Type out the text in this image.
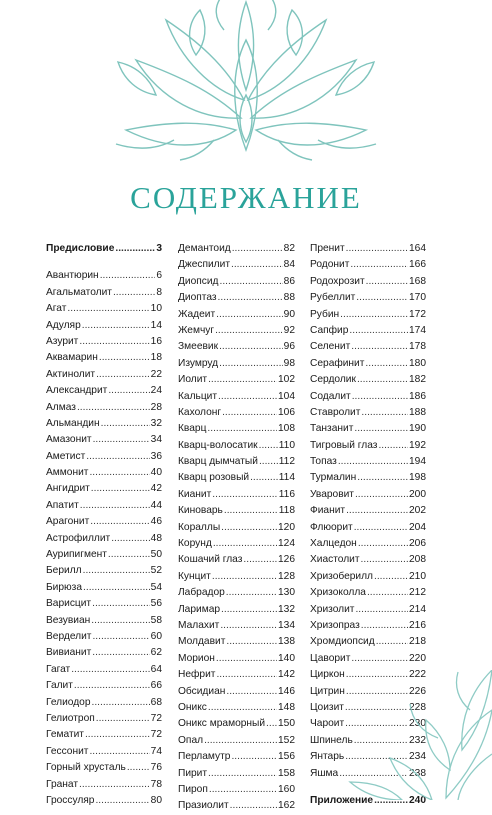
СОДЕРЖАНИЕ
Предисловие .....	3
Авантюрин .....	6
Агальматолит .....	8
Агат .....	10
Адуляр .....	14
Азурит .....	16
Аквамарин .....	18
Актинолит .....	22
Александрит .....	24
Алмаз .....	28
Альмандин .....	32
Амазонит .....	34
Аметист .....	36
Аммонит .....	40
Ангидрит .....	42
Апатит .....	44
Арагонит .....	46
Астрофиллит .....	48
Аурипигмент .....	50
Берилл .....	52
Бирюза .....	54
Варисцит .....	56
Везувиан .....	58
Верделит .....	60
Вивианит .....	62
Гагат .....	64
Галит .....	66
Гелиодор .....	68
Гелиотроп .....	72
Гематит .....	72
Гессонит .....	74
Горный хрусталь ..... 76
Гранат .....	78
Гроссуляр .....	80
Демантоид .....	82
Джеспилит .....	84
Диопсид .....	86
Диоптаз .....	88
Жадеит .....	90
Жемчуг .....	92
Змеевик .....	96
Изумруд .....	98
Иолит .....	102
Кальцит .....	104
Кахолонг .....	106
Кварц .....	108
Кварц-волосатик ..... 110
Кварц дымчатый ..... 112
Кварц розовый .....	114
Кианит .....	116
Киноварь .....	118
Кораллы .....	120
Корунд .....	124
Кошачий глаз .....	126
Кунцит .....	128
Лабрадор .....	130
Ларимар .....	132
Малахит .....	134
Молдавит .....	138
Морион .....	140
Нефрит .....	142
Обсидиан .....	146
Оникс .....	148
Оникс мраморный ..... 150
Опал .....	152
Перламутр .....	156
Пирит .....	158
Пироп .....	160
Празиолит .....	162
Пренит .....	164
Родонит .....	166
Родохрозит .....	168
Рубеллит .....	170
Рубин .....	172
Сапфир .....	174
Селенит .....	178
Серафинит .....	180
Сердолик .....	182
Содалит .....	186
Ставролит .....	188
Танзанит .....	190
Тигровый глаз .....	192
Топаз .....	194
Турмалин .....	198
Уваровит .....	200
Фианит .....	202
Флюорит .....	204
Халцедон .....	206
Хиастолит .....	208
Хризоберилл .....	210
Хризоколла .....	212
Хризолит .....	214
Хризопраз .....	216
Хромдиопсид .....	218
Цаворит .....	220
Циркон .....	222
Цитрин .....	226
Цоизит .....	228
Чароит .....	230
Шпинель .....	232
Янтарь .....	234
Яшма .....	238
Приложение .....	240
